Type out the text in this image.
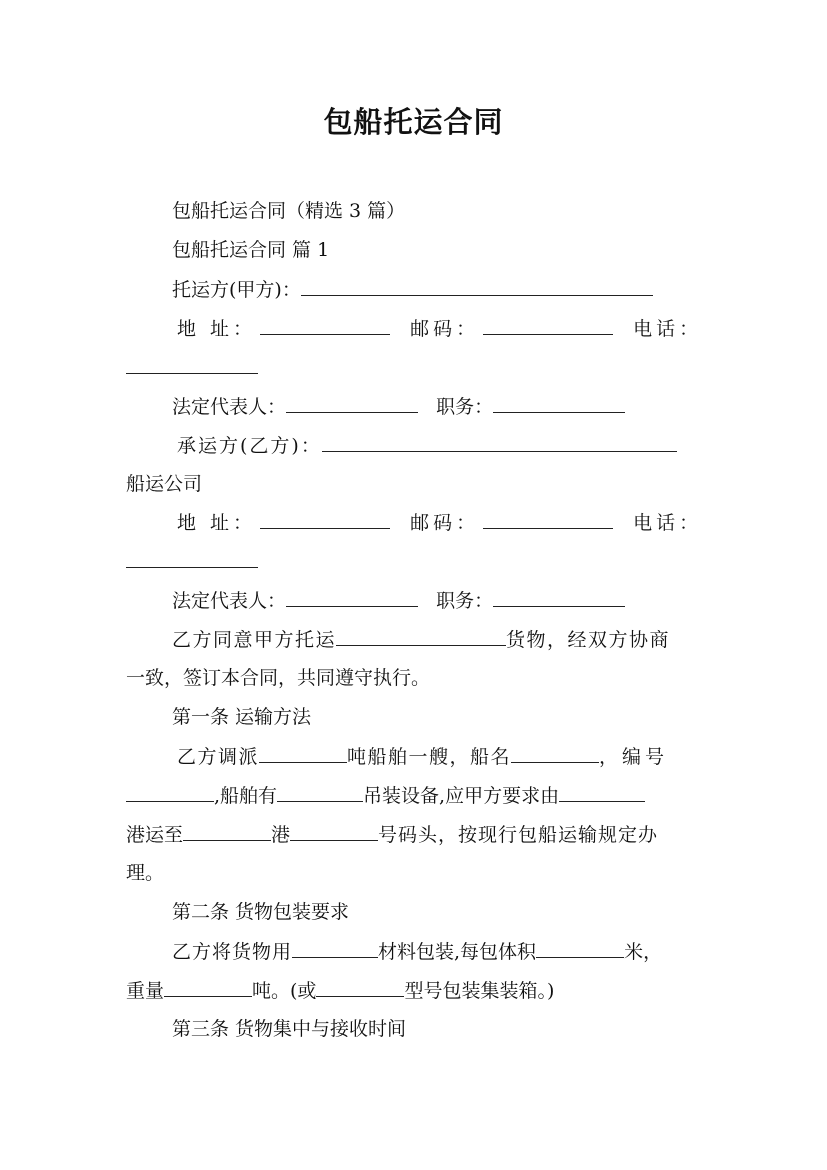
包船托运合同
包船托运合同（精选 3 篇）
包船托运合同 篇 1
托运方(甲方)：
地 址：	邮码：	电话：
法定代表人：	职务：
承运方(乙方)：
船运公司
地 址：	邮码：	电话：
法定代表人：	职务：
乙方同意甲方托运	货物，经双方协商
一致，签订本合同，共同遵守执行。
第一条 运输方法
乙方调派	吨船舶一艘，船名	，编号
,船舶有	吊装设备,应甲方要求由
港运至	港	号码头，按现行包船运输规定办
理。
第二条 货物包装要求
乙方将货物用	材料包装,每包体积	米，
重量	吨。(或	型号包装集装箱。)
第三条 货物集中与接收时间
